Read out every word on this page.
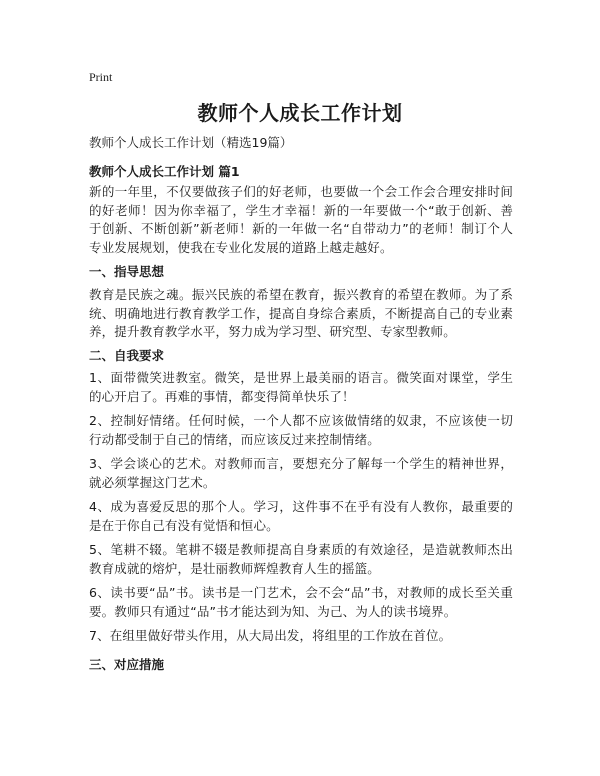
Print
教师个人成长工作计划
教师个人成长工作计划（精选19篇）
教师个人成长工作计划 篇1
新的一年里，不仅要做孩子们的好老师，也要做一个会工作会合理安排时间的好老师！因为你幸福了，学生才幸福！新的一年要做一个“敢于创新、善于创新、不断创新”新老师！新的一年做一名“自带动力”的老师！制订个人专业发展规划，使我在专业化发展的道路上越走越好。
一、指导思想
教育是民族之魂。振兴民族的希望在教育，振兴教育的希望在教师。为了系统、明确地进行教育教学工作，提高自身综合素质，不断提高自己的专业素养，提升教育教学水平，努力成为学习型、研究型、专家型教师。
二、自我要求
1、面带微笑进教室。微笑，是世界上最美丽的语言。微笑面对课堂，学生的心开启了。再难的事情，都变得简单快乐了！
2、控制好情绪。任何时候，一个人都不应该做情绪的奴隶，不应该使一切行动都受制于自己的情绪，而应该反过来控制情绪。
3、学会谈心的艺术。对教师而言，要想充分了解每一个学生的精神世界，就必须掌握这门艺术。
4、成为喜爱反思的那个人。学习，这件事不在乎有没有人教你，最重要的是在于你自己有没有觉悟和恒心。
5、笔耕不辍。笔耕不辍是教师提高自身素质的有效途径，是造就教师杰出教育成就的熔炉，是壮丽教师辉煌教育人生的摇篮。
6、读书要“品”书。读书是一门艺术，会不会“品”书，对教师的成长至关重要。教师只有通过“品”书才能达到为知、为己、为人的读书境界。
7、在组里做好带头作用，从大局出发，将组里的工作放在首位。
三、对应措施
